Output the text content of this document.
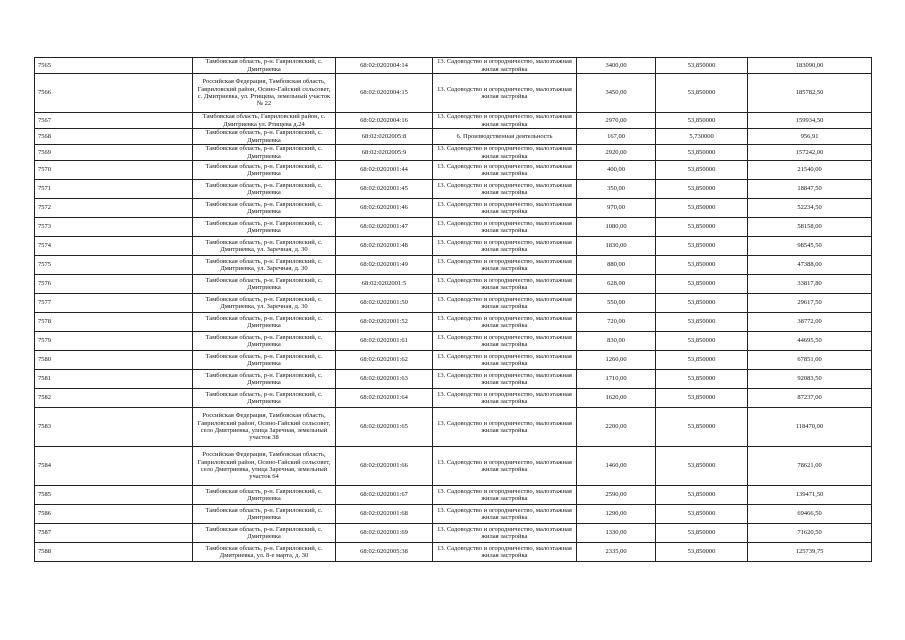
7565	Тамбовская область, р-н. Гавриловский, с. Дмитриевка	68:02:0202004:14	13. Садоводство и огородничество, малоэтажная жилая застройка	3400,00	53,850000	183090,00
7566	Российская Федерация, Тамбовская область, Гавриловский район, Осино-Гайский сельсовет, с. Дмитриевка, ул. Ртищева, земельный участок № 22	68:02:0202004:15	13. Садоводство и огородничество, малоэтажная жилая застройка	3450,00	53,850000	185782,50
7567	Тамбовская область, Гавриловский район, с. Дмитриевка ул. Ртищева д.24	68:02:0202004:16	13. Садоводство и огородничество, малоэтажная жилая застройка	2970,00	53,850000	159934,50
7568	Тамбовская область, р-н. Гавриловский, с. Дмитриевка	68:02:0202005:8	6. Производственная деятельность	167,00	5,730000	956,91
7569	Тамбовская область, р-н. Гавриловский, с. Дмитриевка	68:02:0202005:9	13. Садоводство и огородничество, малоэтажная жилая застройка	2920,00	53,850000	157242,00
7570	Тамбовская область, р-н. Гавриловский, с. Дмитриевка	68:02:0202001:44	13. Садоводство и огородничество, малоэтажная жилая застройка	400,00	53,850000	21540,00
7571	Тамбовская область, р-н. Гавриловский, с. Дмитриевка	68:02:0202001:45	13. Садоводство и огородничество, малоэтажная жилая застройка	350,00	53,850000	18847,50
7572	Тамбовская область, р-н. Гавриловский, с. Дмитриевка	68:02:0202001:46	13. Садоводство и огородничество, малоэтажная жилая застройка	970,00	53,850000	52234,50
7573	Тамбовская область, р-н. Гавриловский, с. Дмитриевка	68:02:0202001:47	13. Садоводство и огородничество, малоэтажная жилая застройка	1080,00	53,850000	58158,00
7574	Тамбовская область, р-н. Гавриловский, с. Дмитриевка, ул. Заречная, д. 30	68:02:0202001:48	13. Садоводство и огородничество, малоэтажная жилая застройка	1830,00	53,850000	98545,50
7575	Тамбовская область, р-н. Гавриловский, с. Дмитриевка, ул. Заречная, д. 30	68:02:0202001:49	13. Садоводство и огородничество, малоэтажная жилая застройка	880,00	53,850000	47388,00
7576	Тамбовская область, р-н. Гавриловский, с. Дмитриевка	68:02:0202001:5	13. Садоводство и огородничество, малоэтажная жилая застройка	628,00	53,850000	33817,80
7577	Тамбовская область, р-н. Гавриловский, с. Дмитриевка, ул. Заречная, д. 30	68:02:0202001:50	13. Садоводство и огородничество, малоэтажная жилая застройка	550,00	53,850000	29617,50
7578	Тамбовская область, р-н. Гавриловский, с. Дмитриевка	68:02:0202001:52	13. Садоводство и огородничество, малоэтажная жилая застройка	720,00	53,850000	38772,00
7579	Тамбовская область, р-н. Гавриловский, с. Дмитриевка	68:02:0202001:61	13. Садоводство и огородничество, малоэтажная жилая застройка	830,00	53,850000	44695,50
7580	Тамбовская область, р-н. Гавриловский, с. Дмитриевка	68:02:0202001:62	13. Садоводство и огородничество, малоэтажная жилая застройка	1260,00	53,850000	67851,00
7581	Тамбовская область, р-н. Гавриловский, с. Дмитриевка	68:02:0202001:63	13. Садоводство и огородничество, малоэтажная жилая застройка	1710,00	53,850000	92083,50
7582	Тамбовская область, р-н. Гавриловский, с. Дмитриевка	68:02:0202001:64	13. Садоводство и огородничество, малоэтажная жилая застройка	1620,00	53,850000	87237,00
7583	Российская Федерация, Тамбовская область, Гавриловский район, Осино-Гайский сельсовет, село Дмитриевка, улица Заречная, земельный участок 38	68:02:0202001:65	13. Садоводство и огородничество, малоэтажная жилая застройка	2200,00	53,850000	118470,00
7584	Российская Федерация, Тамбовская область, Гавриловский район, Осино-Гайский сельсовет, село Дмитриевка, улица Заречная, земельный участок 64	68:02:0202001:66	13. Садоводство и огородничество, малоэтажная жилая застройка	1460,00	53,850000	78621,00
7585	Тамбовская область, р-н. Гавриловский, с. Дмитриевка	68:02:0202001:67	13. Садоводство и огородничество, малоэтажная жилая застройка	2590,00	53,850000	139471,50
7586	Тамбовская область, р-н. Гавриловский, с. Дмитриевка	68:02:0202001:68	13. Садоводство и огородничество, малоэтажная жилая застройка	1290,00	53,850000	69466,50
7587	Тамбовская область, р-н. Гавриловский, с. Дмитриевка	68:02:0202001:69	13. Садоводство и огородничество, малоэтажная жилая застройка	1330,00	53,850000	71620,50
7588	Тамбовская область, р-н. Гавриловский, с. Дмитриевка, ул. 8-е марта, д. 30	68:02:0202005:38	13. Садоводство и огородничество, малоэтажная жилая застройка	2335,00	53,850000	125739,75
